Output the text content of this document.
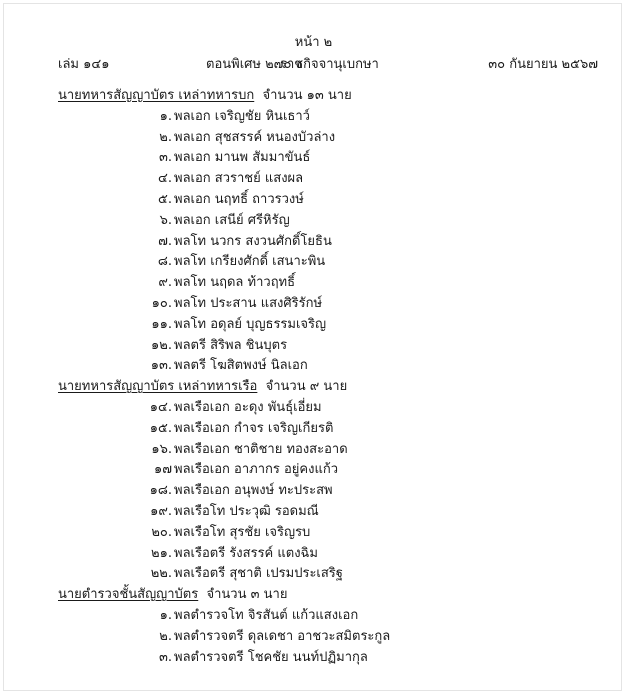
หน้า ๒
เล่ม ๑๔๑	ตอนพิเศษ ๒๗๐ ง
ราชกิจจานุเบกษา	๓๐ กันยายน ๒๕๖๗
นายทหารสัญญาบัตร เหล่าทหารบก จำนวน ๑๓ นาย
๑. พลเอก เจริญชัย หินเธาว์
๒. พลเอก สุชสรรค์ หนองบัวล่าง
๓. พลเอก มานพ สัมมาขันธ์
๔. พลเอก สวราชย์ แสงผล
๕. พลเอก นฤทธิ์ ถาวรวงษ์
๖. พลเอก เสนีย์ ศรีหิรัญ
๗. พลโท นวกร สงวนศักดิ์โยธิน
๘. พลโท เกรียงศักดิ์ เสนาะพิน
๙. พลโท นฤดล ท้าวฤทธิ์
๑๐. พลโท ประสาน แสงศิริรักษ์
๑๑. พลโท อดุลย์ บุญธรรมเจริญ
๑๒. พลตรี สิริพล ชินบุตร
๑๓. พลตรี โฆสิตพงษ์ นิลเอก
นายทหารสัญญาบัตร เหล่าทหารเรือ จำนวน ๙ นาย
๑๔. พลเรือเอก อะดุง พันธุ์เอี่ยม
๑๕. พลเรือเอก กำจร เจริญเกียรติ
๑๖. พลเรือเอก ชาติชาย ทองสะอาด
๑๗ พลเรือเอก อาภากร อยู่คงแก้ว
๑๘. พลเรือเอก อนุพงษ์ ทะประสพ
๑๙. พลเรือโท ประวุฒิ รอดมณี
๒๐. พลเรือโท สุรชัย เจริญรบ
๒๑. พลเรือตรี รังสรรค์ แตงฉิม
๒๒. พลเรือตรี สุชาติ เปรมประเสริฐ
นายตำรวจชั้นสัญญาบัตร จำนวน ๓ นาย
๑. พลตำรวจโท จิรสันต์ แก้วแสงเอก
๒. พลตำรวจตรี ดุลเดชา อาชวะสมิตระกูล
๓. พลตำรวจตรี โชคชัย นนท์ปฏิมากุล
